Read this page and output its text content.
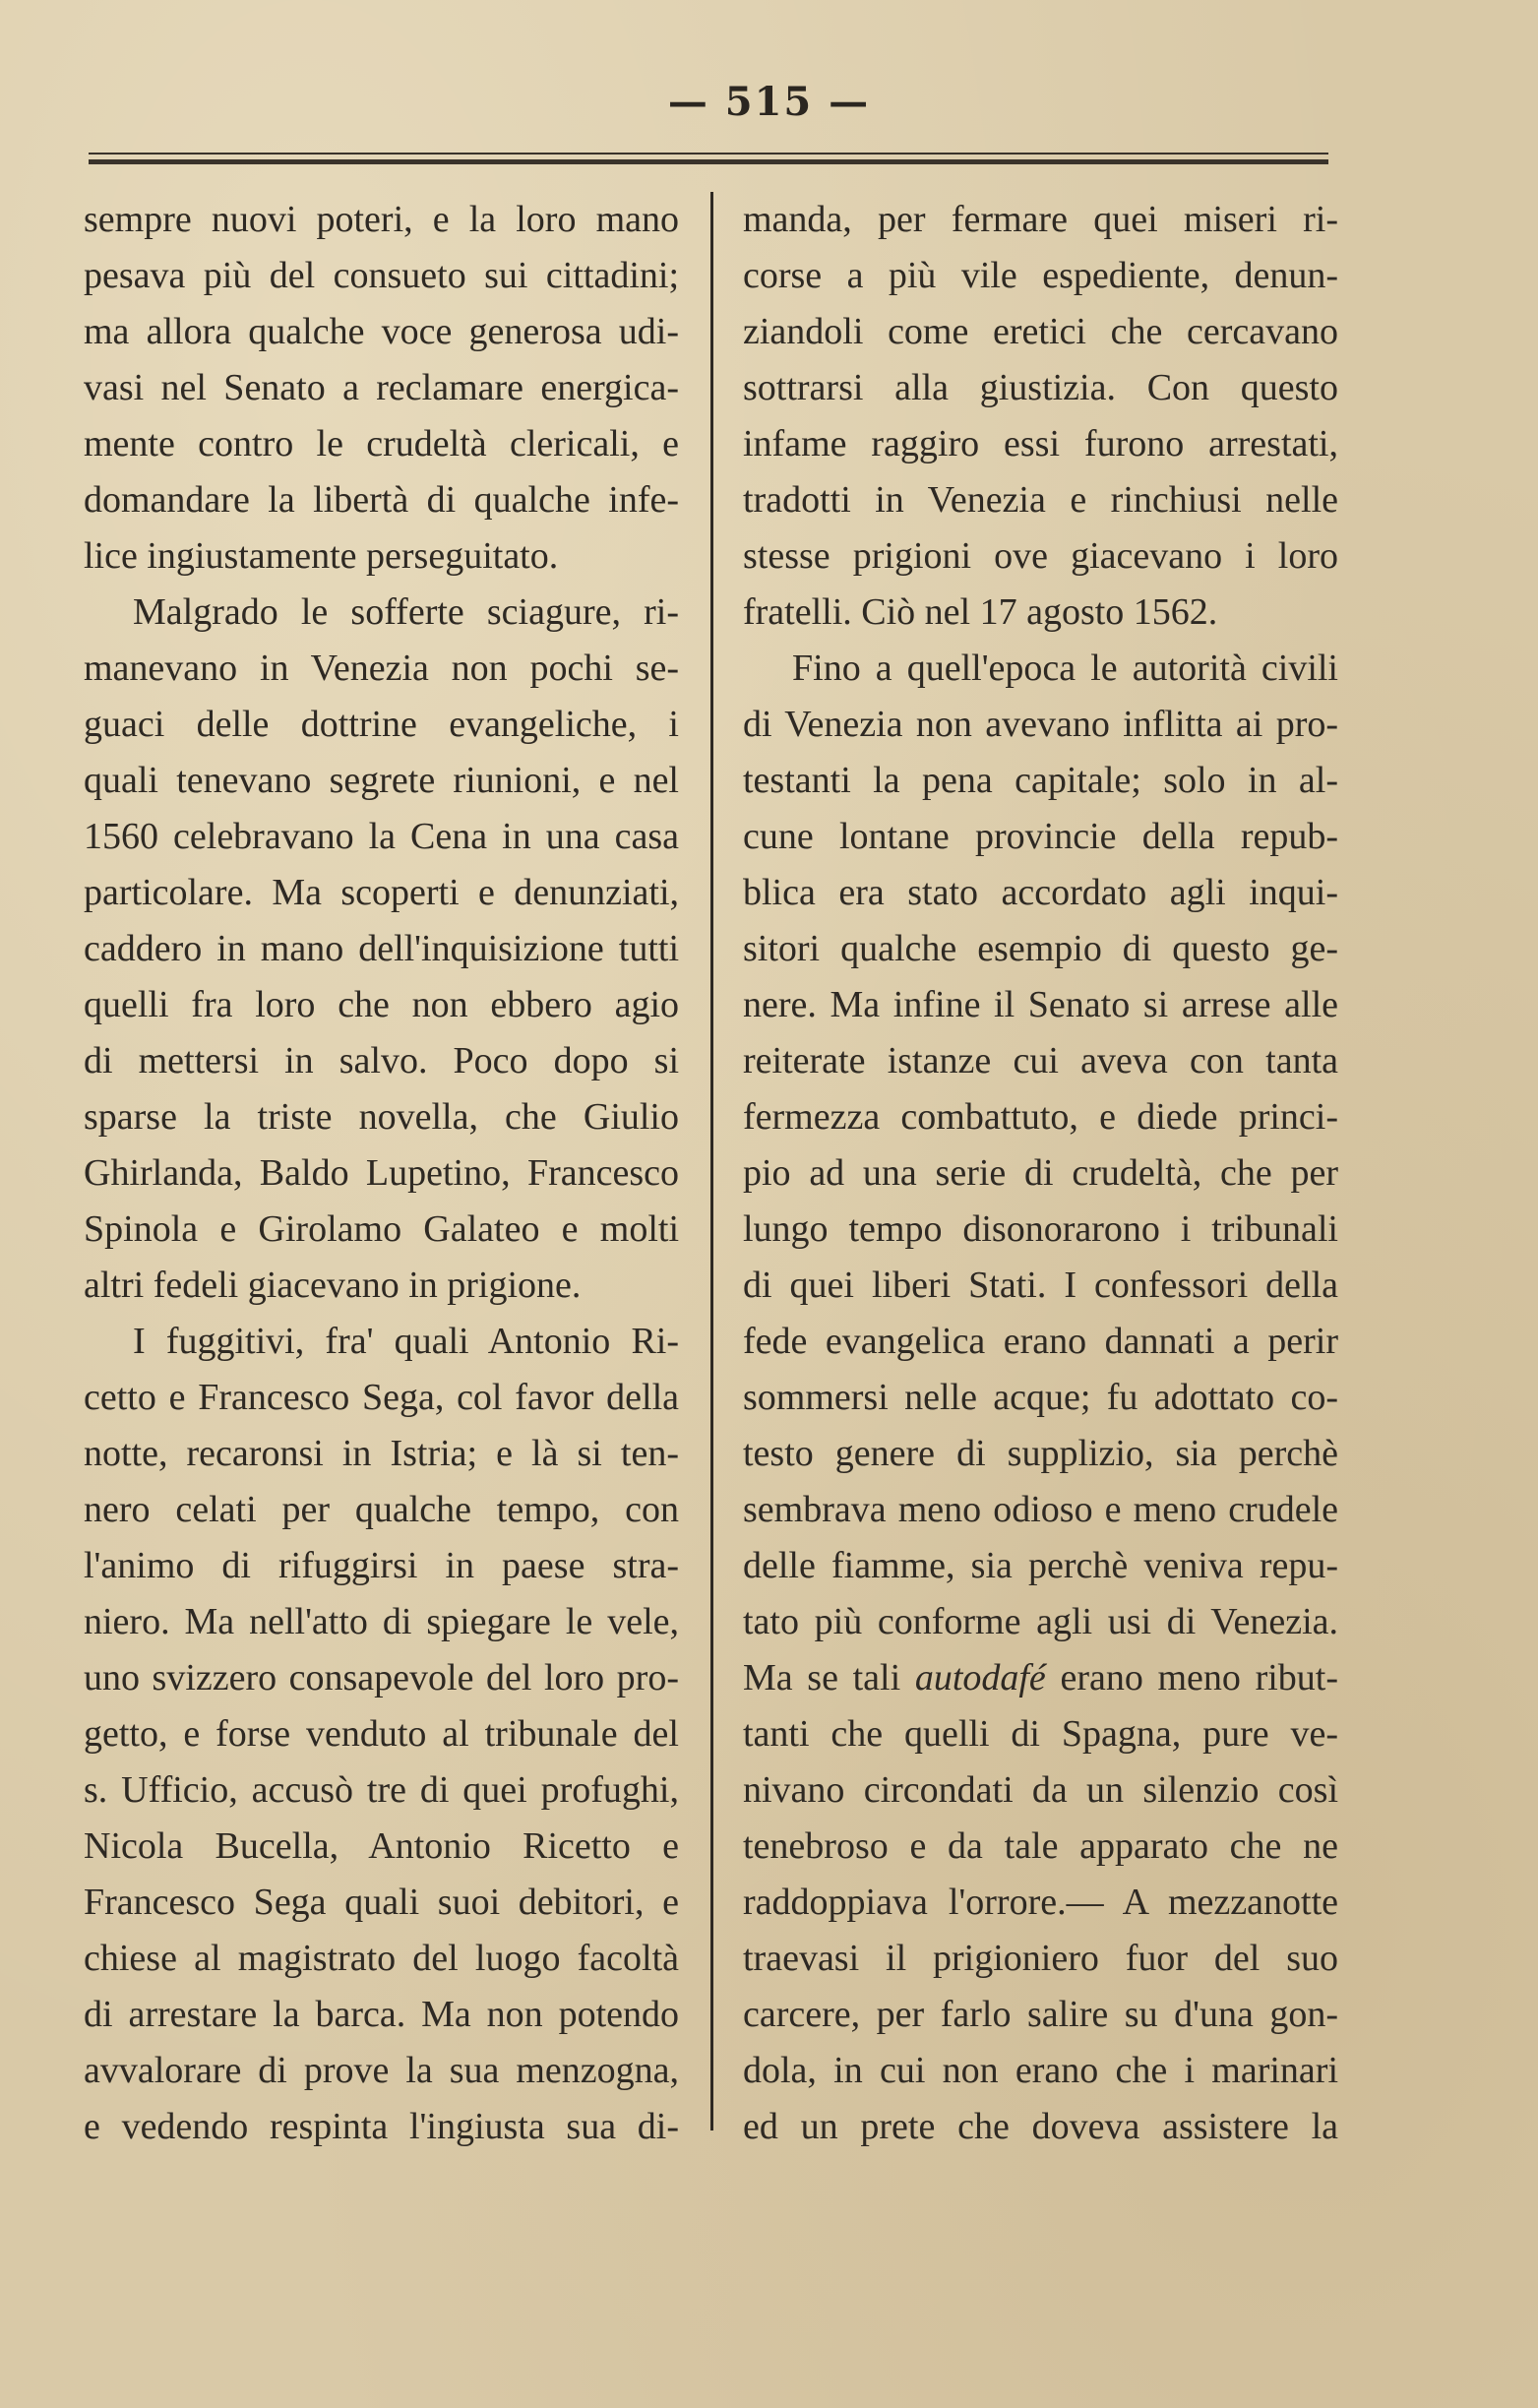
— 515 —
sempre nuovi poteri, e la loro mano
pesava più del consueto sui cittadini;
ma allora qualche voce generosa udi-
vasi nel Senato a reclamare energica-
mente contro le crudeltà clericali, e
domandare la libertà di qualche infe-
lice ingiustamente perseguitato.
Malgrado le sofferte sciagure, ri-
manevano in Venezia non pochi se-
guaci delle dottrine evangeliche, i
quali tenevano segrete riunioni, e nel
1560 celebravano la Cena in una casa
particolare. Ma scoperti e denunziati,
caddero in mano dell'inquisizione tutti
quelli fra loro che non ebbero agio
di mettersi in salvo. Poco dopo si
sparse la triste novella, che Giulio
Ghirlanda, Baldo Lupetino, Francesco
Spinola e Girolamo Galateo e molti
altri fedeli giacevano in prigione.
I fuggitivi, fra' quali Antonio Ri-
cetto e Francesco Sega, col favor della
notte, recaronsi in Istria; e là si ten-
nero celati per qualche tempo, con
l'animo di rifuggirsi in paese stra-
niero. Ma nell'atto di spiegare le vele,
uno svizzero consapevole del loro pro-
getto, e forse venduto al tribunale del
s. Ufficio, accusò tre di quei profughi,
Nicola Bucella, Antonio Ricetto e
Francesco Sega quali suoi debitori, e
chiese al magistrato del luogo facoltà
di arrestare la barca. Ma non potendo
avvalorare di prove la sua menzogna,
e vedendo respinta l'ingiusta sua di-
manda, per fermare quei miseri ri-
corse a più vile espediente, denun-
ziandoli come eretici che cercavano
sottrarsi alla giustizia. Con questo
infame raggiro essi furono arrestati,
tradotti in Venezia e rinchiusi nelle
stesse prigioni ove giacevano i loro
fratelli. Ciò nel 17 agosto 1562.
Fino a quell'epoca le autorità civili
di Venezia non avevano inflitta ai pro-
testanti la pena capitale; solo in al-
cune lontane provincie della repub-
blica era stato accordato agli inqui-
sitori qualche esempio di questo ge-
nere. Ma infine il Senato si arrese alle
reiterate istanze cui aveva con tanta
fermezza combattuto, e diede princi-
pio ad una serie di crudeltà, che per
lungo tempo disonorarono i tribunali
di quei liberi Stati. I confessori della
fede evangelica erano dannati a perir
sommersi nelle acque; fu adottato co-
testo genere di supplizio, sia perchè
sembrava meno odioso e meno crudele
delle fiamme, sia perchè veniva repu-
tato più conforme agli usi di Venezia.
Ma se tali autodafé erano meno ribut-
tanti che quelli di Spagna, pure ve-
nivano circondati da un silenzio così
tenebroso e da tale apparato che ne
raddoppiava l'orrore.— A mezzanotte
traevasi il prigioniero fuor del suo
carcere, per farlo salire su d'una gon-
dola, in cui non erano che i marinari
ed un prete che doveva assistere la
